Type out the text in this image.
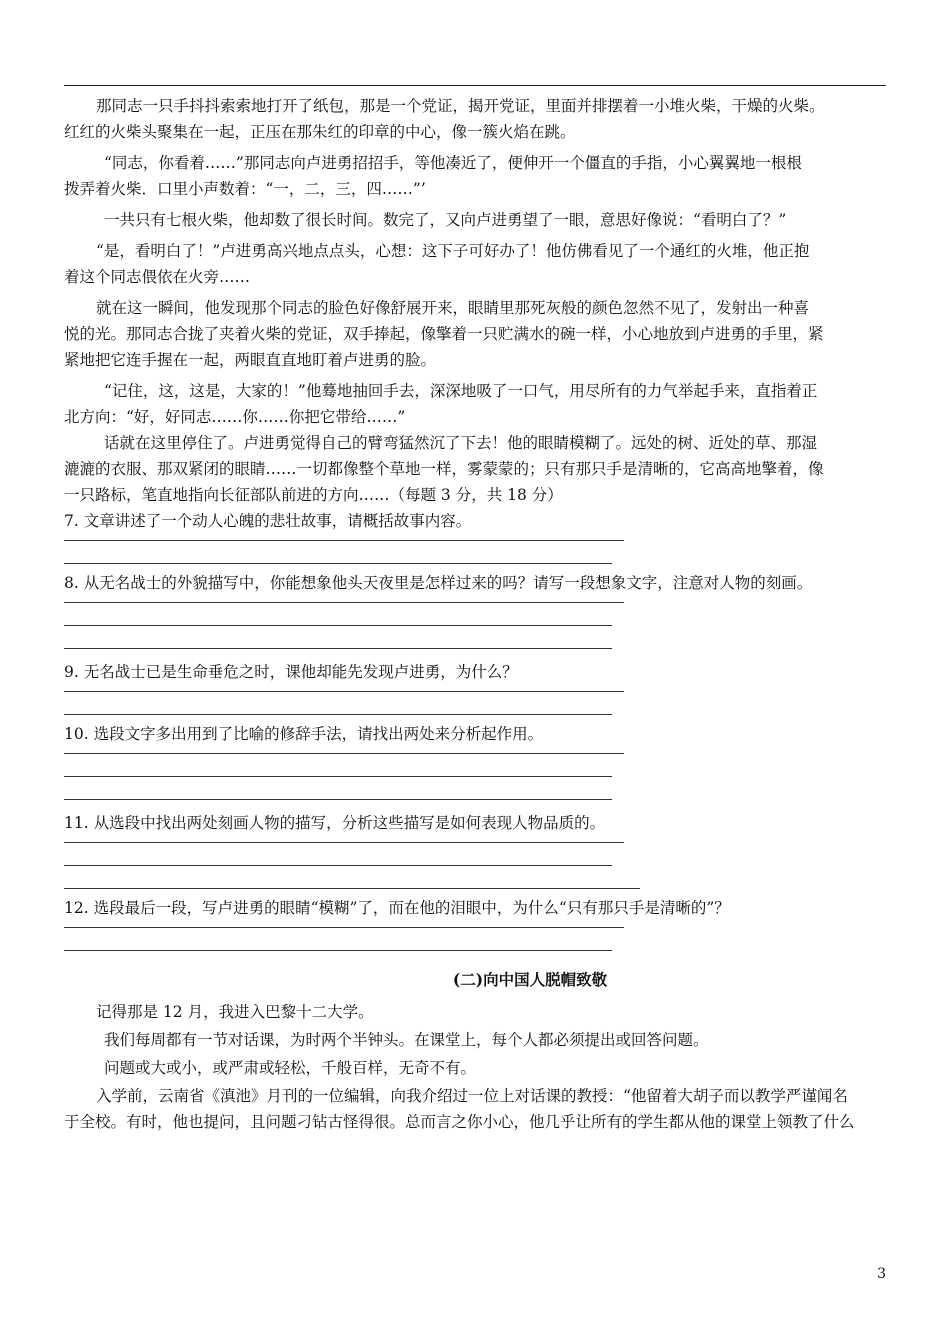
那同志一只手抖抖索索地打开了纸包，那是一个党证，揭开党证，里面并排摆着一小堆火柴，干燥的火柴。
红红的火柴头聚集在一起，正压在那朱红的印章的中心，像一簇火焰在跳。
“同志，你看着……”那同志向卢进勇招招手，等他凑近了，便伸开一个僵直的手指，小心翼翼地一根根
拨弄着火柴．口里小声数着：“一，二，三，四……”’
一共只有七根火柴，他却数了很长时间。数完了，又向卢进勇望了一眼，意思好像说：“看明白了？”
“是，看明白了！”卢进勇高兴地点点头，心想：这下子可好办了！他仿佛看见了一个通红的火堆，他正抱
着这个同志偎依在火旁……
就在这一瞬间，他发现那个同志的脸色好像舒展开来，眼睛里那死灰般的颜色忽然不见了，发射出一种喜
悦的光。那同志合拢了夹着火柴的党证，双手捧起，像擎着一只贮满水的碗一样，小心地放到卢进勇的手里，紧
紧地把它连手握在一起，两眼直直地盯着卢进勇的脸。
“记住，这，这是，大家的！”他蓦地抽回手去，深深地吸了一口气，用尽所有的力气举起手来，直指着正
北方向：“好，好同志……你……你把它带给……”
话就在这里停住了。卢进勇觉得自己的臂弯猛然沉了下去！他的眼睛模糊了。远处的树、近处的草、那湿
漉漉的衣服、那双紧闭的眼睛……一切都像整个草地一样，雾蒙蒙的；只有那只手是清晰的，它高高地擎着，像
一只路标，笔直地指向长征部队前进的方向……（每题 3 分，共 18 分）

7. 文章讲述了一个动人心魄的悲壮故事，请概括故事内容。

8. 从无名战士的外貌描写中，你能想象他头天夜里是怎样过来的吗？请写一段想象文字，注意对人物的刻画。

9. 无名战士已是生命垂危之时，课他却能先发现卢进勇，为什么？

10. 选段文字多出用到了比喻的修辞手法，请找出两处来分析起作用。

11. 从选段中找出两处刻画人物的描写，分析这些描写是如何表现人物品质的。

12. 选段最后一段，写卢进勇的眼睛“模糊”了，而在他的泪眼中，为什么“只有那只手是清晰的”？

(二)向中国人脱帽致敬
记得那是 12 月，我进入巴黎十二大学。
我们每周都有一节对话课，为时两个半钟头。在课堂上，每个人都必须提出或回答问题。
问题或大或小，或严肃或轻松，千般百样，无奇不有。
入学前，云南省《滇池》月刊的一位编辑，向我介绍过一位上对话课的教授：“他留着大胡子而以教学严谨闻名
于全校。有时，他也提问，且问题刁钻古怪得很。总而言之你小心，他几乎让所有的学生都从他的课堂上领教了什么
3
